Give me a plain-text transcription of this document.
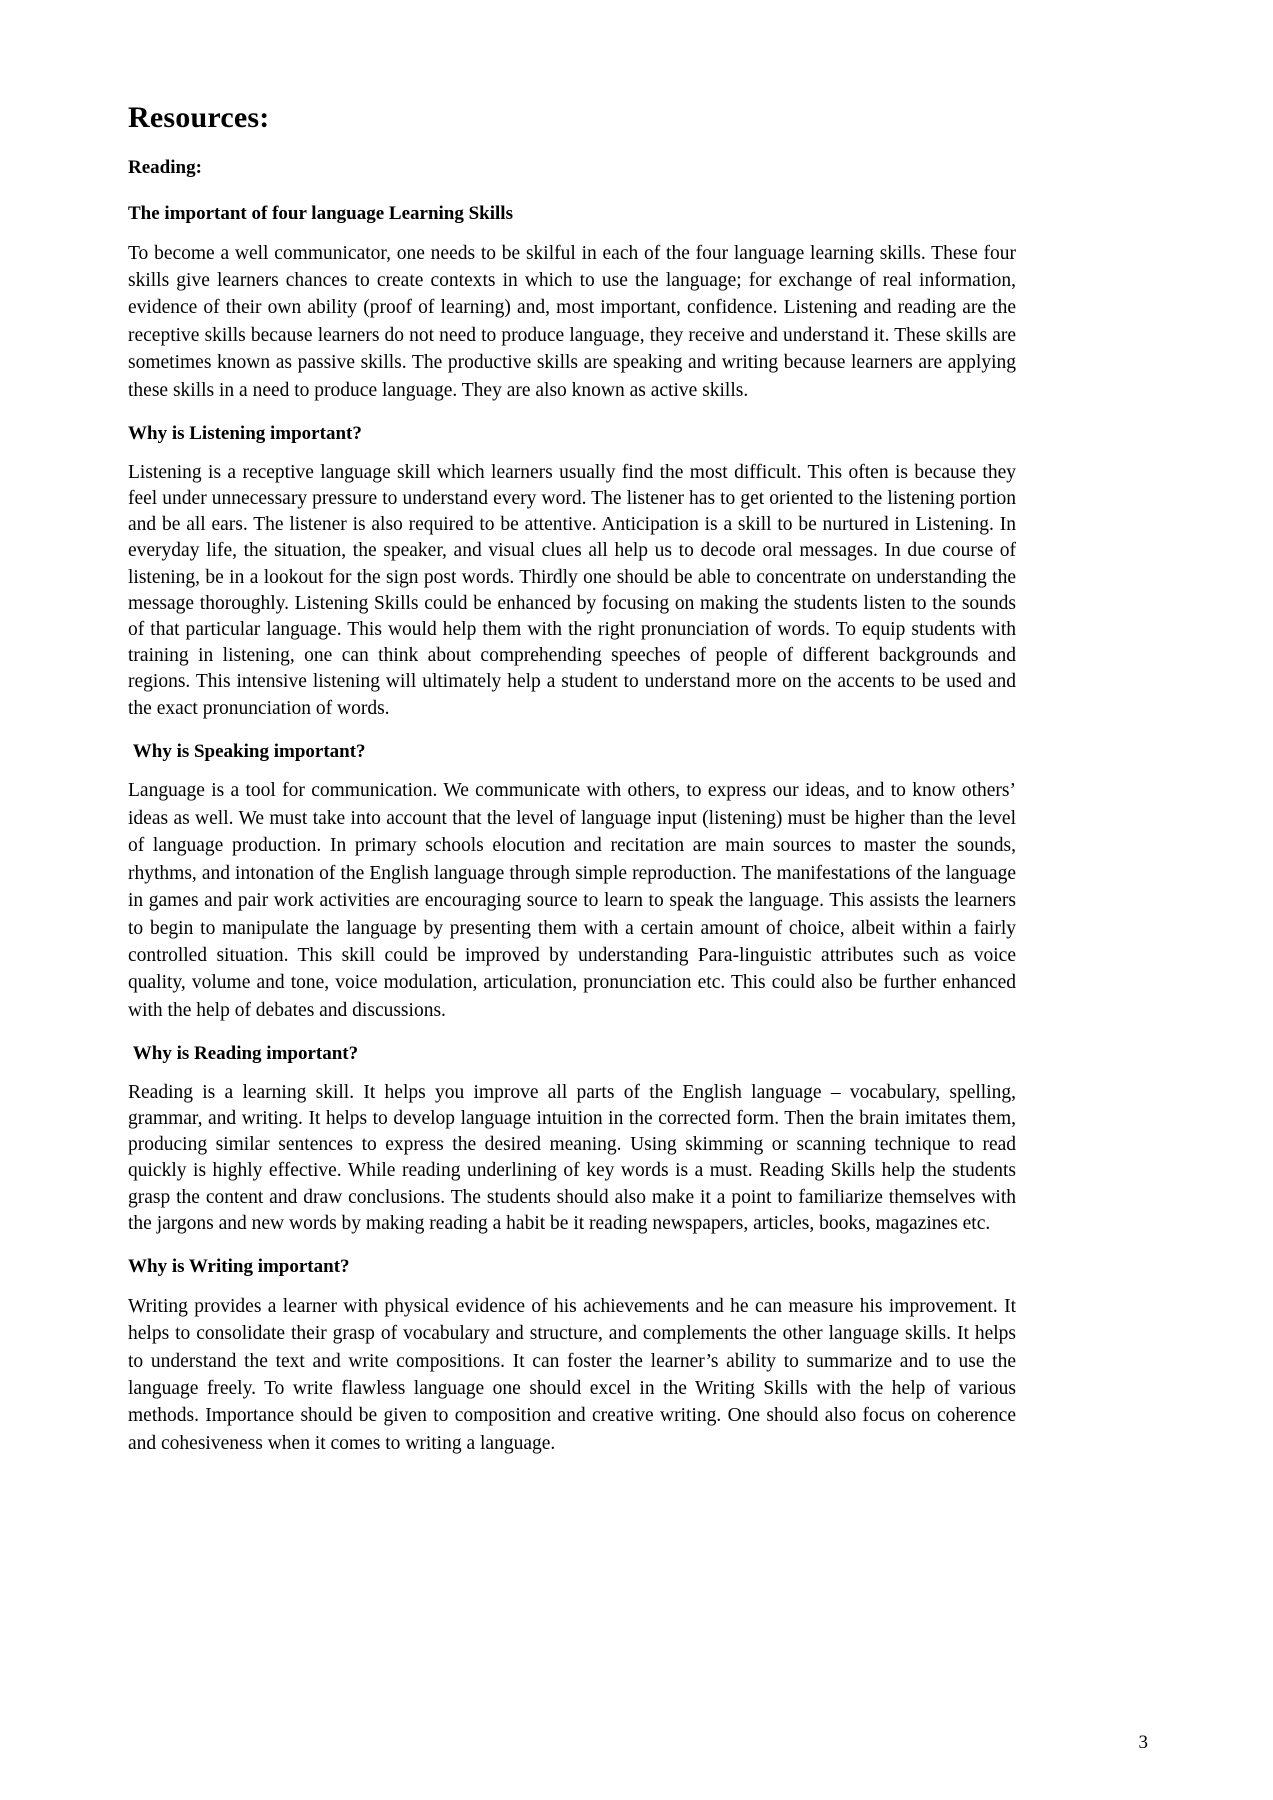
Resources:
Reading:
The important of four language Learning Skills

To become a well communicator, one needs to be skilful in each of the four language learning skills. These four skills give learners chances to create contexts in which to use the language; for exchange of real information, evidence of their own ability (proof of learning) and, most important, confidence. Listening and reading are the receptive skills because learners do not need to produce language, they receive and understand it. These skills are sometimes known as passive skills. The productive skills are speaking and writing because learners are applying these skills in a need to produce language. They are also known as active skills.

Why is Listening important?

Listening is a receptive language skill which learners usually find the most difficult. This often is because they feel under unnecessary pressure to understand every word. The listener has to get oriented to the listening portion and be all ears. The listener is also required to be attentive. Anticipation is a skill to be nurtured in Listening. In everyday life, the situation, the speaker, and visual clues all help us to decode oral messages. In due course of listening, be in a lookout for the sign post words. Thirdly one should be able to concentrate on understanding the message thoroughly. Listening Skills could be enhanced by focusing on making the students listen to the sounds of that particular language. This would help them with the right pronunciation of words. To equip students with training in listening, one can think about comprehending speeches of people of different backgrounds and regions. This intensive listening will ultimately help a student to understand more on the accents to be used and the exact pronunciation of words.

Why is Speaking important?

Language is a tool for communication. We communicate with others, to express our ideas, and to know others’ ideas as well. We must take into account that the level of language input (listening) must be higher than the level of language production. In primary schools elocution and recitation are main sources to master the sounds, rhythms, and intonation of the English language through simple reproduction. The manifestations of the language in games and pair work activities are encouraging source to learn to speak the language. This assists the learners to begin to manipulate the language by presenting them with a certain amount of choice, albeit within a fairly controlled situation. This skill could be improved by understanding Para-linguistic attributes such as voice quality, volume and tone, voice modulation, articulation, pronunciation etc. This could also be further enhanced with the help of debates and discussions.

Why is Reading important?

Reading is a learning skill. It helps you improve all parts of the English language – vocabulary, spelling, grammar, and writing. It helps to develop language intuition in the corrected form. Then the brain imitates them, producing similar sentences to express the desired meaning. Using skimming or scanning technique to read quickly is highly effective. While reading underlining of key words is a must. Reading Skills help the students grasp the content and draw conclusions. The students should also make it a point to familiarize themselves with the jargons and new words by making reading a habit be it reading newspapers, articles, books, magazines etc.

Why is Writing important?

Writing provides a learner with physical evidence of his achievements and he can measure his improvement. It helps to consolidate their grasp of vocabulary and structure, and complements the other language skills. It helps to understand the text and write compositions. It can foster the learner’s ability to summarize and to use the language freely. To write flawless language one should excel in the Writing Skills with the help of various methods. Importance should be given to composition and creative writing. One should also focus on coherence and cohesiveness when it comes to writing a language.

3
